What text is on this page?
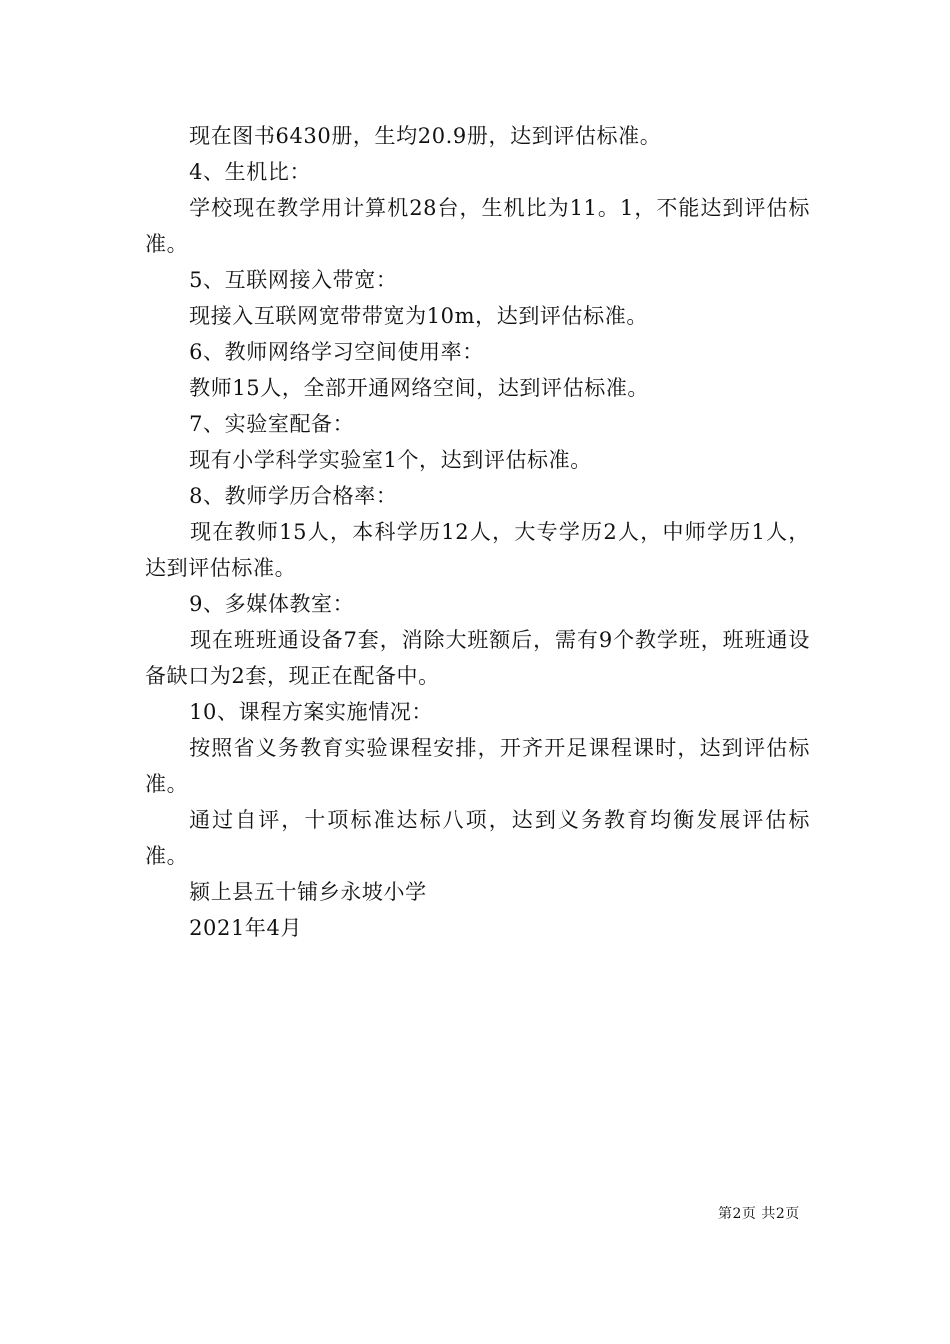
现在图书6430册，生均20.9册，达到评估标准。

4、生机比：

学校现在教学用计算机28台，生机比为11。1，不能达到评估标准。

5、互联网接入带宽：

现接入互联网宽带带宽为10m，达到评估标准。

6、教师网络学习空间使用率：

教师15人，全部开通网络空间，达到评估标准。

7、实验室配备：

现有小学科学实验室1个，达到评估标准。

8、教师学历合格率：

现在教师15人，本科学历12人，大专学历2人，中师学历1人，达到评估标准。

9、多媒体教室：

现在班班通设备7套，消除大班额后，需有9个教学班，班班通设备缺口为2套，现正在配备中。

10、课程方案实施情况：

按照省义务教育实验课程安排，开齐开足课程课时，达到评估标准。

通过自评，十项标准达标八项，达到义务教育均衡发展评估标准。

颍上县五十铺乡永坡小学

2021年4月

第2页 共2页
